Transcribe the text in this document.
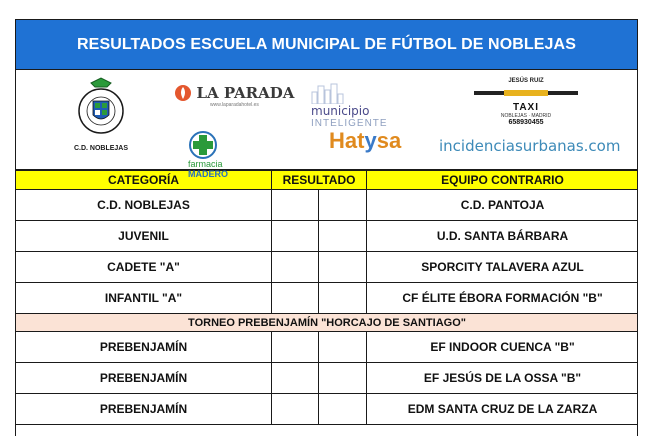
RESULTADOS ESCUELA MUNICIPAL DE FÚTBOL DE NOBLEJAS
C.D. NOBLEJAS
LA PARADA
www.laparadahotel.es	municipio
INTELIGENTE
JESÚS RUIZ
TAXI
NOBLEJAS · MADRID
658930455
farmacia
MADERO
Hatysa	incidenciasurbanas.com
CATEGORÍA	RESULTADO		EQUIPO CONTRARIO
C.D. NOBLEJAS			C.D. PANTOJA
JUVENIL			U.D. SANTA BÁRBARA
CADETE "A"			SPORCITY TALAVERA AZUL
INFANTIL "A"			CF ÉLITE ÉBORA FORMACIÓN "B"
TORNEO PREBENJAMÍN "HORCAJO DE SANTIAGO"			
PREBENJAMÍN			EF INDOOR CUENCA "B"
PREBENJAMÍN			EF JESÚS DE LA OSSA "B"
PREBENJAMÍN			EDM SANTA CRUZ DE LA ZARZA
